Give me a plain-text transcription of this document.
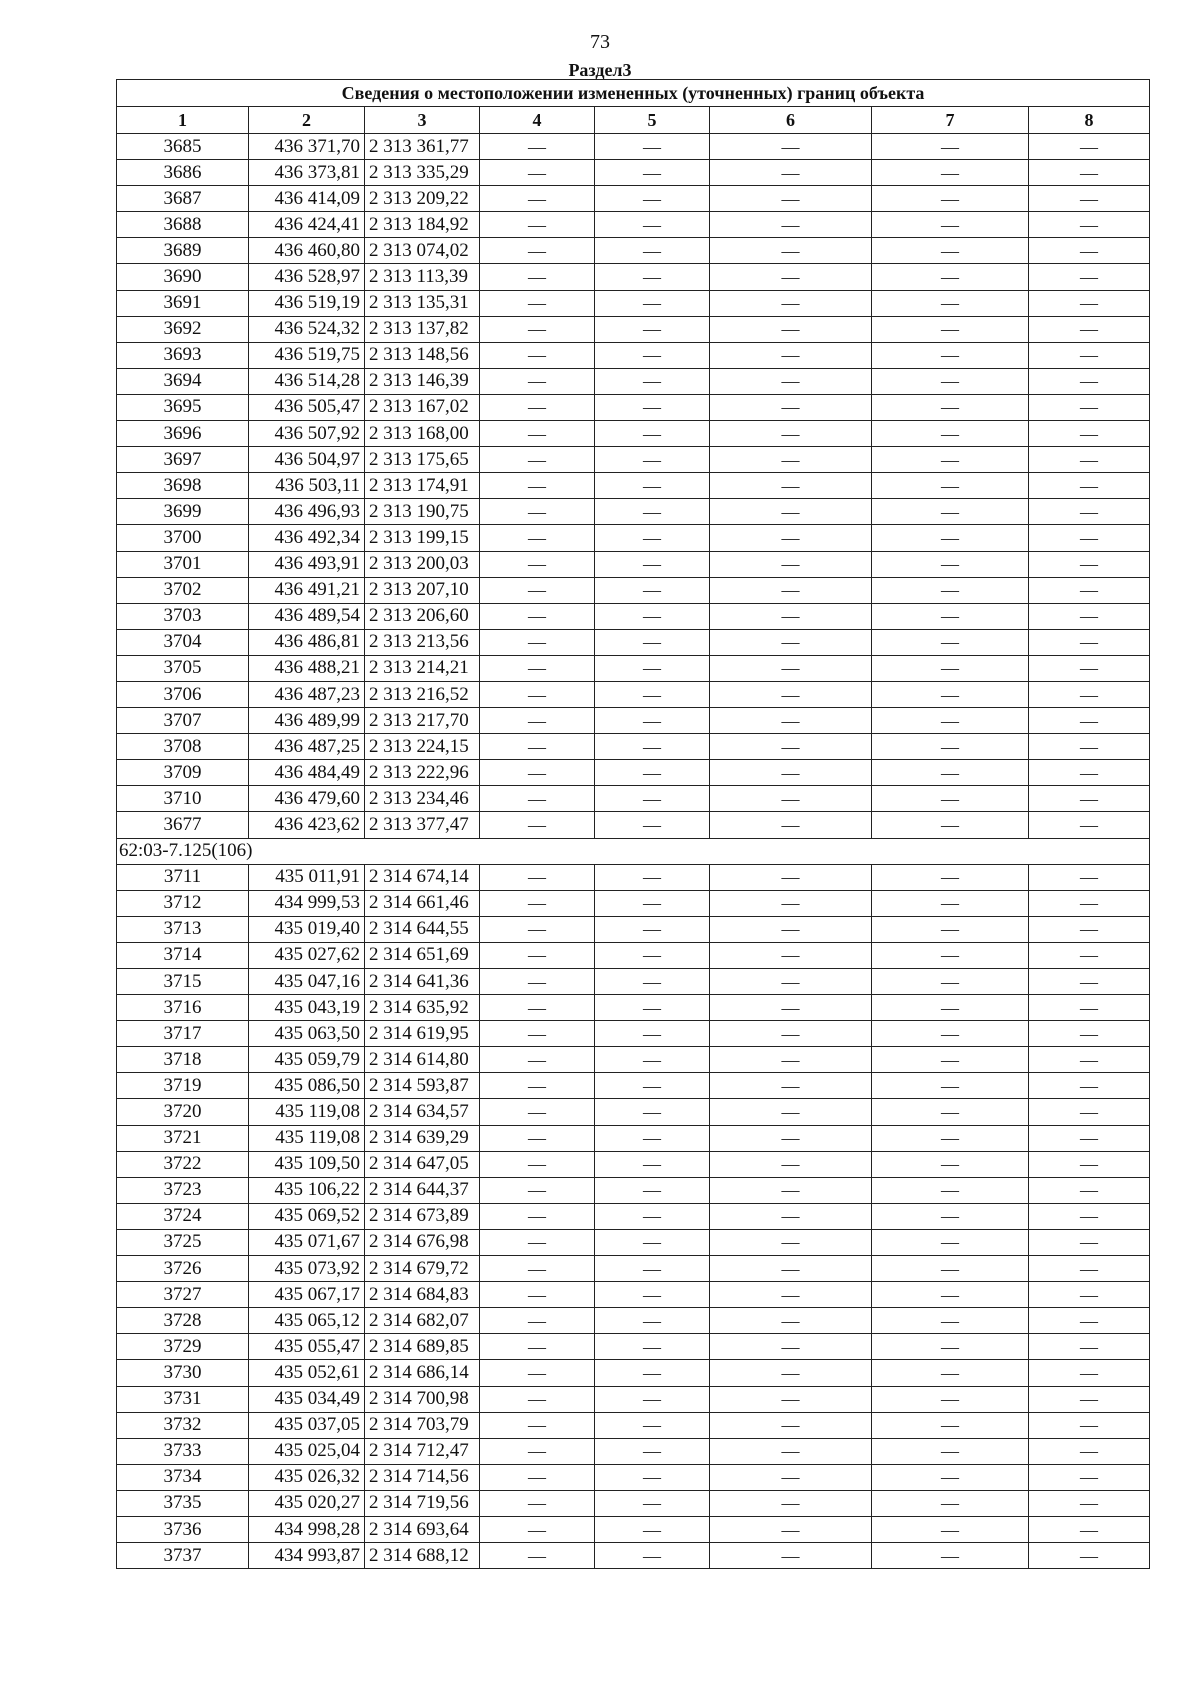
73
Раздел3
Сведения о местоположении измененных (уточненных) границ объекта							
1	2	3	4	5	6	7	8
3685	436 371,70	2 313 361,77	—	—	—	—	—
3686	436 373,81	2 313 335,29	—	—	—	—	—
3687	436 414,09	2 313 209,22	—	—	—	—	—
3688	436 424,41	2 313 184,92	—	—	—	—	—
3689	436 460,80	2 313 074,02	—	—	—	—	—
3690	436 528,97	2 313 113,39	—	—	—	—	—
3691	436 519,19	2 313 135,31	—	—	—	—	—
3692	436 524,32	2 313 137,82	—	—	—	—	—
3693	436 519,75	2 313 148,56	—	—	—	—	—
3694	436 514,28	2 313 146,39	—	—	—	—	—
3695	436 505,47	2 313 167,02	—	—	—	—	—
3696	436 507,92	2 313 168,00	—	—	—	—	—
3697	436 504,97	2 313 175,65	—	—	—	—	—
3698	436 503,11	2 313 174,91	—	—	—	—	—
3699	436 496,93	2 313 190,75	—	—	—	—	—
3700	436 492,34	2 313 199,15	—	—	—	—	—
3701	436 493,91	2 313 200,03	—	—	—	—	—
3702	436 491,21	2 313 207,10	—	—	—	—	—
3703	436 489,54	2 313 206,60	—	—	—	—	—
3704	436 486,81	2 313 213,56	—	—	—	—	—
3705	436 488,21	2 313 214,21	—	—	—	—	—
3706	436 487,23	2 313 216,52	—	—	—	—	—
3707	436 489,99	2 313 217,70	—	—	—	—	—
3708	436 487,25	2 313 224,15	—	—	—	—	—
3709	436 484,49	2 313 222,96	—	—	—	—	—
3710	436 479,60	2 313 234,46	—	—	—	—	—
3677	436 423,62	2 313 377,47	—	—	—	—	—
62:03-7.125(106)							
3711	435 011,91	2 314 674,14	—	—	—	—	—
3712	434 999,53	2 314 661,46	—	—	—	—	—
3713	435 019,40	2 314 644,55	—	—	—	—	—
3714	435 027,62	2 314 651,69	—	—	—	—	—
3715	435 047,16	2 314 641,36	—	—	—	—	—
3716	435 043,19	2 314 635,92	—	—	—	—	—
3717	435 063,50	2 314 619,95	—	—	—	—	—
3718	435 059,79	2 314 614,80	—	—	—	—	—
3719	435 086,50	2 314 593,87	—	—	—	—	—
3720	435 119,08	2 314 634,57	—	—	—	—	—
3721	435 119,08	2 314 639,29	—	—	—	—	—
3722	435 109,50	2 314 647,05	—	—	—	—	—
3723	435 106,22	2 314 644,37	—	—	—	—	—
3724	435 069,52	2 314 673,89	—	—	—	—	—
3725	435 071,67	2 314 676,98	—	—	—	—	—
3726	435 073,92	2 314 679,72	—	—	—	—	—
3727	435 067,17	2 314 684,83	—	—	—	—	—
3728	435 065,12	2 314 682,07	—	—	—	—	—
3729	435 055,47	2 314 689,85	—	—	—	—	—
3730	435 052,61	2 314 686,14	—	—	—	—	—
3731	435 034,49	2 314 700,98	—	—	—	—	—
3732	435 037,05	2 314 703,79	—	—	—	—	—
3733	435 025,04	2 314 712,47	—	—	—	—	—
3734	435 026,32	2 314 714,56	—	—	—	—	—
3735	435 020,27	2 314 719,56	—	—	—	—	—
3736	434 998,28	2 314 693,64	—	—	—	—	—
3737	434 993,87	2 314 688,12	—	—	—	—	—
